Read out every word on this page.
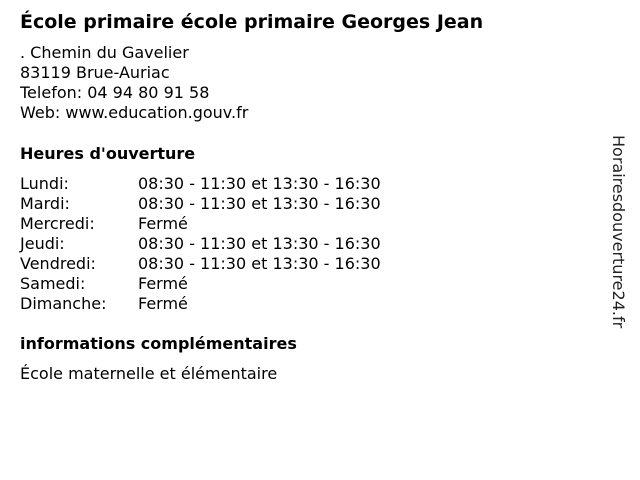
École primaire école primaire Georges Jean
. Chemin du Gavelier
83119 Brue-Auriac
Telefon: 04 94 80 91 58
Web: www.education.gouv.fr
Heures d'ouverture
Lundi:	08:30 - 11:30 et 13:30 - 16:30
Mardi:	08:30 - 11:30 et 13:30 - 16:30
Mercredi:	Fermé
Jeudi:	08:30 - 11:30 et 13:30 - 16:30
Vendredi:	08:30 - 11:30 et 13:30 - 16:30
Samedi:	Fermé
Dimanche:	Fermé
informations complémentaires
École maternelle et élémentaire
Horairesdouverture24.fr
